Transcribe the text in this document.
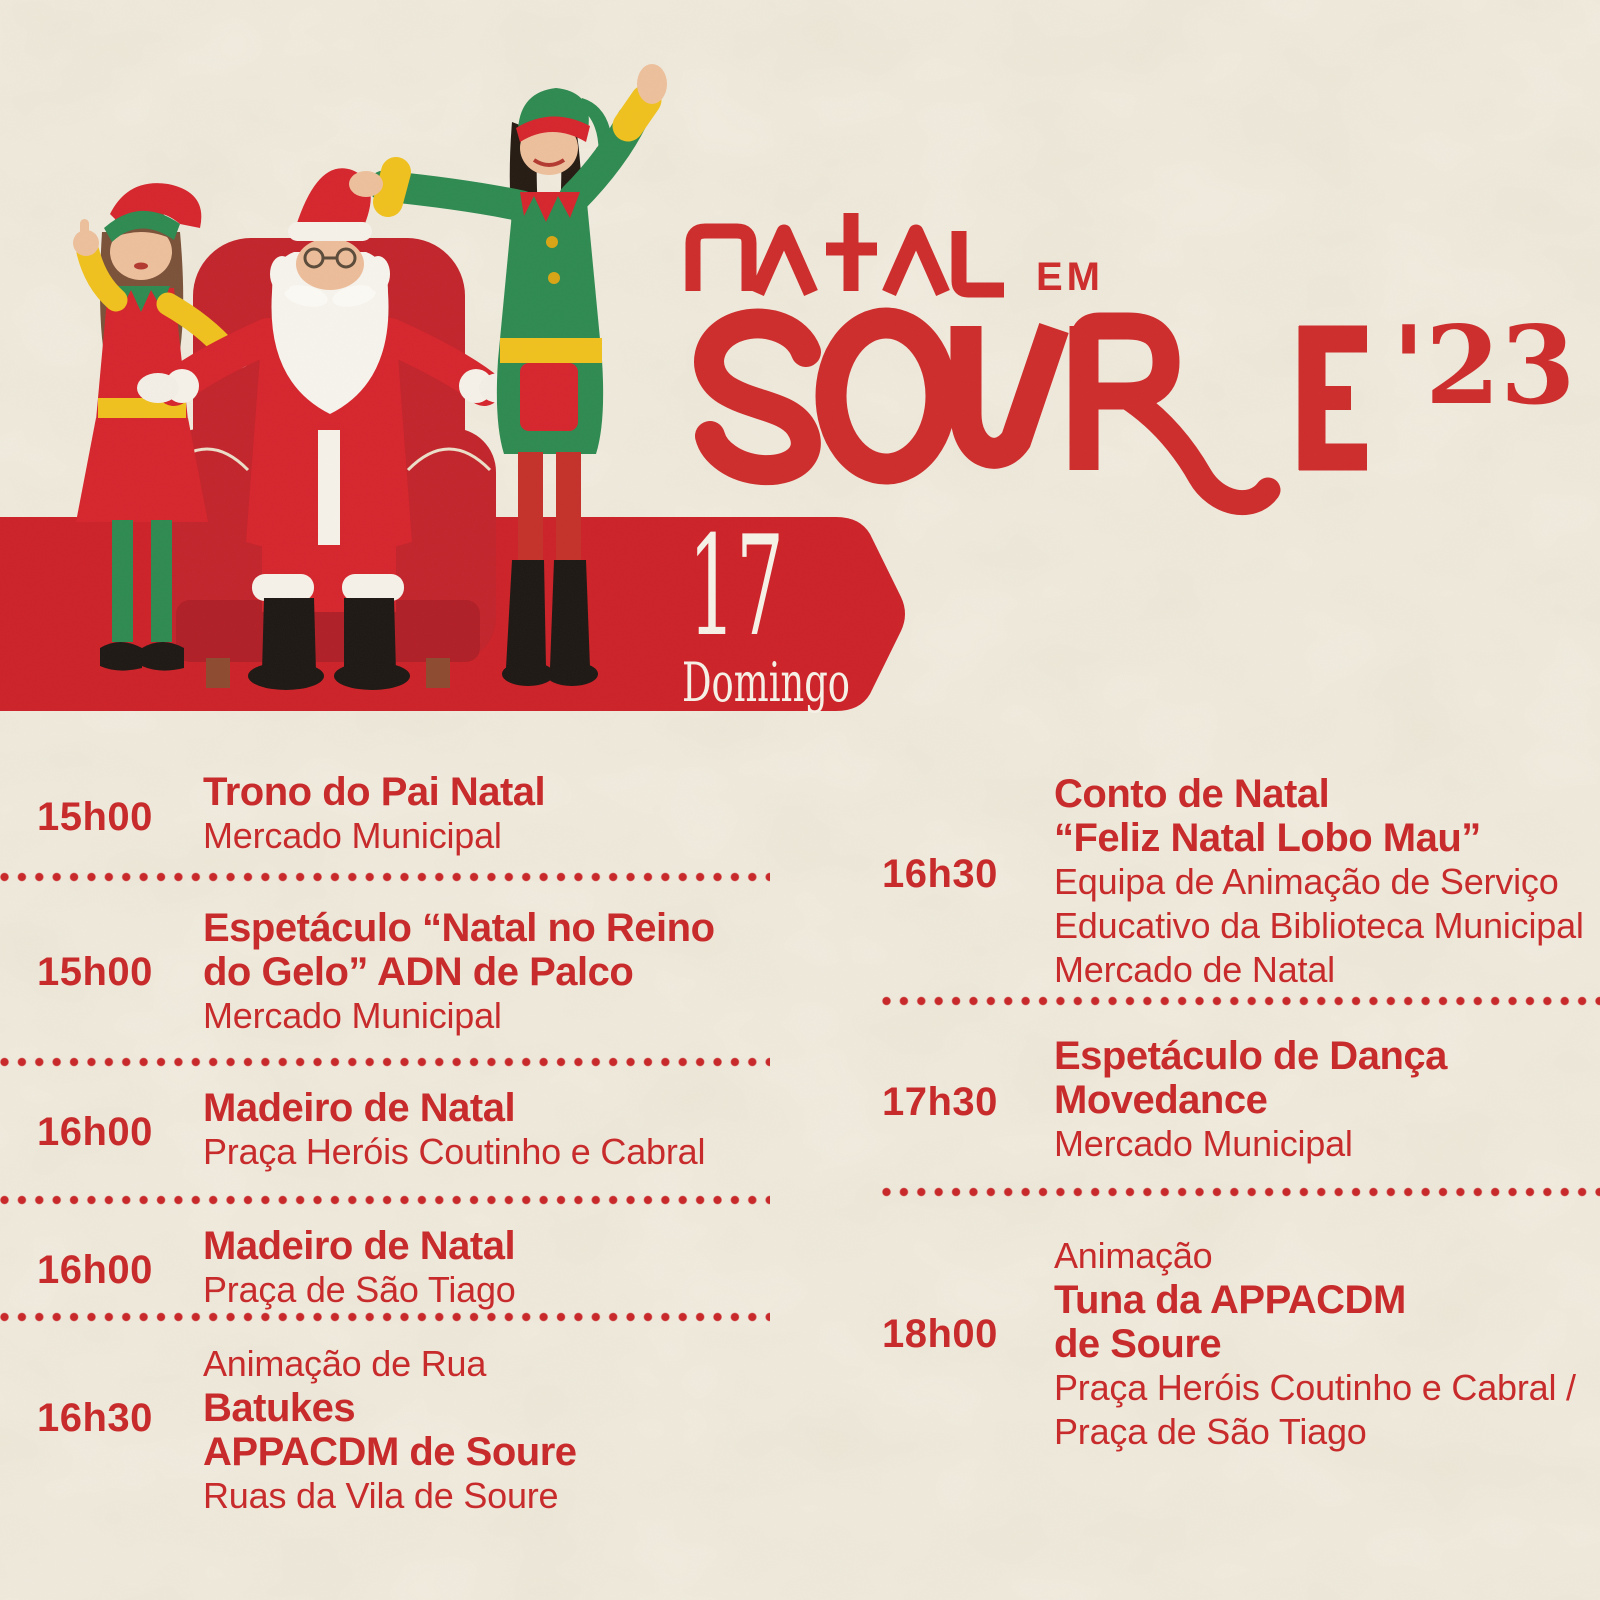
15h00
Trono do Pai Natal
Mercado Municipal
15h00
Espetáculo “Natal no Reino
do Gelo” ADN de Palco
Mercado Municipal
16h00
Madeiro de Natal
Praça Heróis Coutinho e Cabral
16h00
Madeiro de Natal
Praça de São Tiago
16h30
Animação de Rua
Batukes
APPACDM de Soure
Ruas da Vila de Soure
16h30
Conto de Natal
“Feliz Natal Lobo Mau”
Equipa de Animação de Serviço
Educativo da Biblioteca Municipal
Mercado de Natal
17h30
Espetáculo de Dança
Movedance
Mercado Municipal
18h00
Animação
Tuna da APPACDM
de Soure
Praça Heróis Coutinho e Cabral /
Praça de São Tiago
